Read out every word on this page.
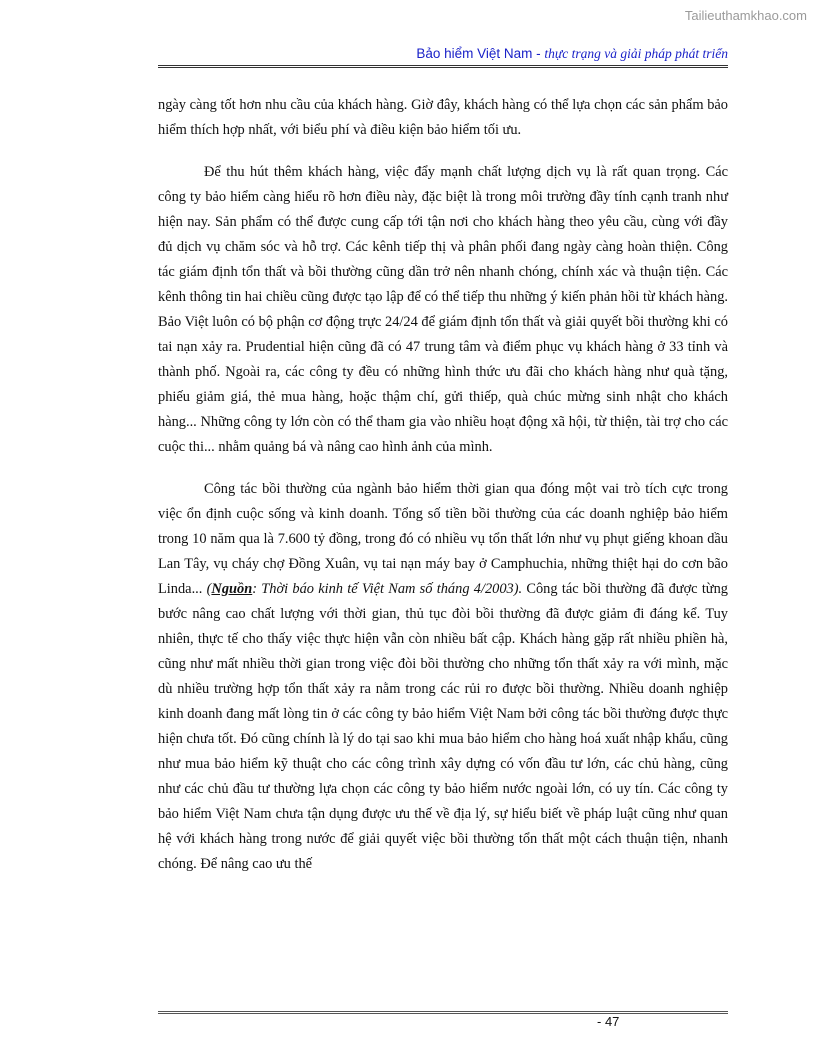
Tailieuthamkhao.com
Bảo hiểm Việt Nam - thực trạng và giải pháp phát triển

ngày càng tốt hơn nhu cầu của khách hàng. Giờ đây, khách hàng có thể lựa chọn các sản phẩm bảo hiểm thích hợp nhất, với biểu phí và điều kiện bảo hiểm tối ưu.

Để thu hút thêm khách hàng, việc đẩy mạnh chất lượng dịch vụ là rất quan trọng. Các công ty bảo hiểm càng hiểu rõ hơn điều này, đặc biệt là trong môi trường đầy tính cạnh tranh như hiện nay. Sản phẩm có thể được cung cấp tới tận nơi cho khách hàng theo yêu cầu, cùng với đầy đủ dịch vụ chăm sóc và hỗ trợ. Các kênh tiếp thị và phân phối đang ngày càng hoàn thiện. Công tác giám định tổn thất và bồi thường cũng dần trở nên nhanh chóng, chính xác và thuận tiện. Các kênh thông tin hai chiều cũng được tạo lập để có thể tiếp thu những ý kiến phản hồi từ khách hàng. Bảo Việt luôn có bộ phận cơ động trực 24/24 để giám định tổn thất và giải quyết bồi thường khi có tai nạn xảy ra. Prudential hiện cũng đã có 47 trung tâm và điểm phục vụ khách hàng ở 33 tỉnh và thành phố. Ngoài ra, các công ty đều có những hình thức ưu đãi cho khách hàng như quà tặng, phiếu giảm giá, thẻ mua hàng, hoặc thậm chí, gửi thiếp, quà chúc mừng sinh nhật cho khách hàng... Những công ty lớn còn có thể tham gia vào nhiều hoạt động xã hội, từ thiện, tài trợ cho các cuộc thi... nhằm quảng bá và nâng cao hình ảnh của mình.

Công tác bồi thường của ngành bảo hiểm thời gian qua đóng một vai trò tích cực trong việc ổn định cuộc sống và kinh doanh. Tổng số tiền bồi thường của các doanh nghiệp bảo hiểm trong 10 năm qua là 7.600 tỷ đồng, trong đó có nhiều vụ tổn thất lớn như vụ phụt giếng khoan dầu Lan Tây, vụ cháy chợ Đồng Xuân, vụ tai nạn máy bay ở Camphuchia, những thiệt hại do cơn bão Linda... (Nguồn: Thời báo kinh tế Việt Nam số tháng 4/2003). Công tác bồi thường đã được từng bước nâng cao chất lượng với thời gian, thủ tục đòi bồi thường đã được giảm đi đáng kể. Tuy nhiên, thực tế cho thấy việc thực hiện vẫn còn nhiều bất cập. Khách hàng gặp rất nhiều phiền hà, cũng như mất nhiều thời gian trong việc đòi bồi thường cho những tổn thất xảy ra với mình, mặc dù nhiều trường hợp tổn thất xảy ra nằm trong các rủi ro được bồi thường. Nhiều doanh nghiệp kinh doanh đang mất lòng tin ở các công ty bảo hiểm Việt Nam bởi công tác bồi thường được thực hiện chưa tốt. Đó cũng chính là lý do tại sao khi mua bảo hiểm cho hàng hoá xuất nhập khẩu, cũng như mua bảo hiểm kỹ thuật cho các công trình xây dựng có vốn đầu tư lớn, các chủ hàng, cũng như các chủ đầu tư thường lựa chọn các công ty bảo hiểm nước ngoài lớn, có uy tín. Các công ty bảo hiểm Việt Nam chưa tận dụng được ưu thế về địa lý, sự hiểu biết về pháp luật cũng như quan hệ với khách hàng trong nước để giải quyết việc bồi thường tổn thất một cách thuận tiện, nhanh chóng. Để nâng cao ưu thế

- 47
